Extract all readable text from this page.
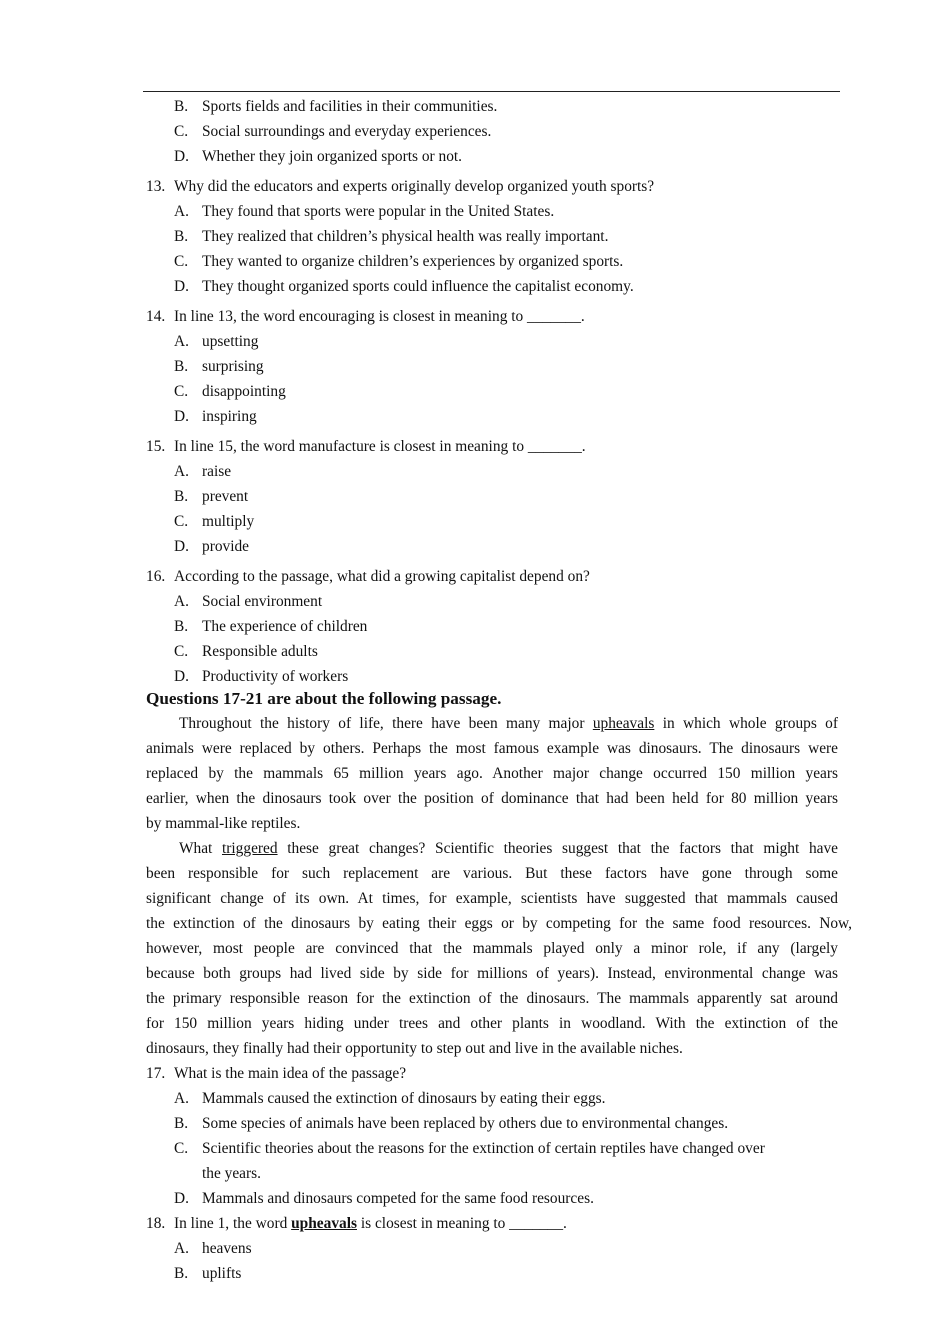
B. Sports fields and facilities in their communities.
C. Social surroundings and everyday experiences.
D. Whether they join organized sports or not.
13. Why did the educators and experts originally develop organized youth sports?
A. They found that sports were popular in the United States.
B. They realized that children’s physical health was really important.
C. They wanted to organize children’s experiences by organized sports.
D. They thought organized sports could influence the capitalist economy.
14. In line 13, the word encouraging is closest in meaning to _______.
A. upsetting
B. surprising
C. disappointing
D. inspiring
15. In line 15, the word manufacture is closest in meaning to _______.
A. raise
B. prevent
C. multiply
D. provide
16. According to the passage, what did a growing capitalist depend on?
A. Social environment
B. The experience of children
C. Responsible adults
D. Productivity of workers
Questions 17-21 are about the following passage.
Throughout the history of life, there have been many major upheavals in which whole groups of
animals were replaced by others. Perhaps the most famous example was dinosaurs. The dinosaurs were
replaced by the mammals 65 million years ago. Another major change occurred 150 million years
earlier, when the dinosaurs took over the position of dominance that had been held for 80 million years
by mammal-like reptiles.
What triggered these great changes? Scientific theories suggest that the factors that might have
been responsible for such replacement are various. But these factors have gone through some
significant change of its own. At times, for example, scientists have suggested that mammals caused
the extinction of the dinosaurs by eating their eggs or by competing for the same food resources. Now,
however, most people are convinced that the mammals played only a minor role, if any (largely
because both groups had lived side by side for millions of years). Instead, environmental change was
the primary responsible reason for the extinction of the dinosaurs. The mammals apparently sat around
for 150 million years hiding under trees and other plants in woodland. With the extinction of the
dinosaurs, they finally had their opportunity to step out and live in the available niches.
17. What is the main idea of the passage?
A. Mammals caused the extinction of dinosaurs by eating their eggs.
B. Some species of animals have been replaced by others due to environmental changes.
C. Scientific theories about the reasons for the extinction of certain reptiles have changed over
the years.
D. Mammals and dinosaurs competed for the same food resources.
18. In line 1, the word upheavals is closest in meaning to _______.
A. heavens
B. uplifts
